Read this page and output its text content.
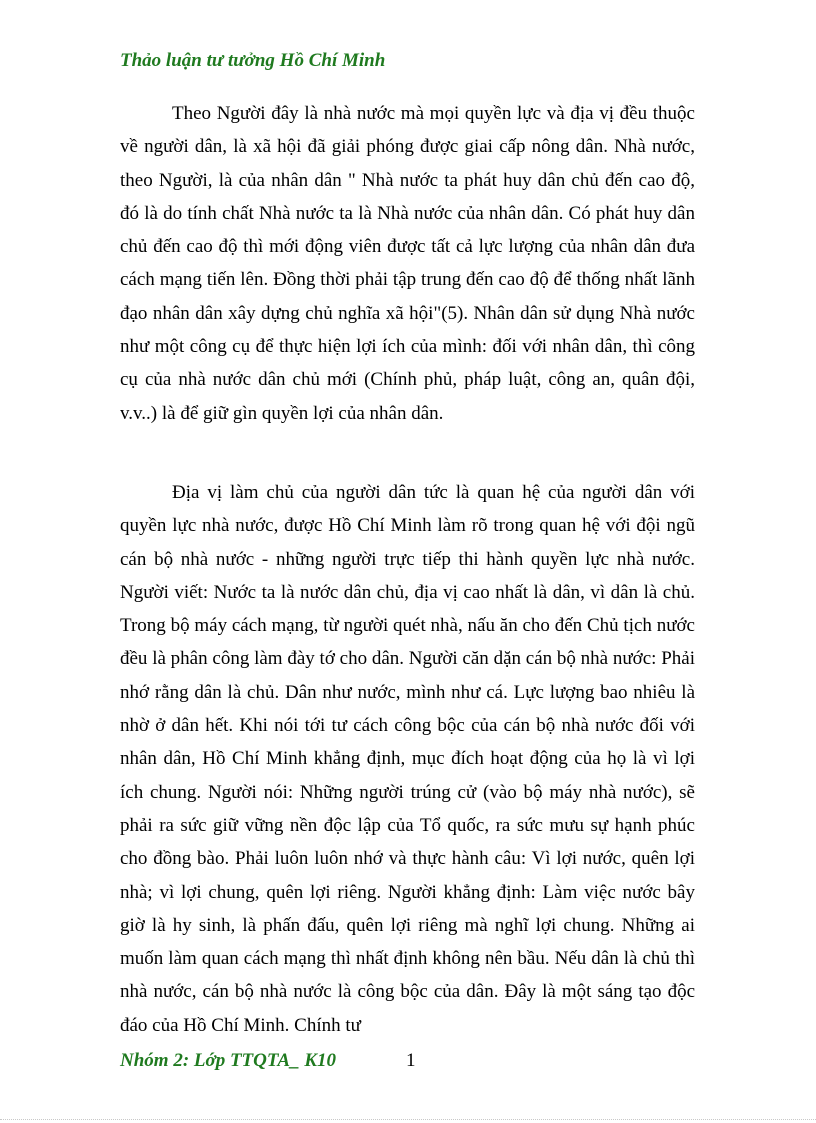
Thảo luận tư tưởng Hồ Chí Minh

Theo Người đây là nhà nước mà mọi quyền lực và địa vị đều thuộc về người dân, là xã hội đã giải phóng được giai cấp nông dân. Nhà nước, theo Người, là của nhân dân " Nhà nước ta phát huy dân chủ đến cao độ, đó là do tính chất Nhà nước ta là Nhà nước của nhân dân. Có phát huy dân chủ đến cao độ thì mới động viên được tất cả lực lượng của nhân dân đưa cách mạng tiến lên. Đồng thời phải tập trung đến cao độ để thống nhất lãnh đạo nhân dân xây dựng chủ nghĩa xã hội"(5). Nhân dân sử dụng Nhà nước như một công cụ để thực hiện lợi ích của mình: đối với nhân dân, thì công cụ của nhà nước dân chủ mới (Chính phủ, pháp luật, công an, quân đội, v.v..) là để giữ gìn quyền lợi của nhân dân.

Địa vị làm chủ của người dân tức là quan hệ của người dân với quyền lực nhà nước, được Hồ Chí Minh làm rõ trong quan hệ với đội ngũ cán bộ nhà nước - những người trực tiếp thi hành quyền lực nhà nước. Người viết: Nước ta là nước dân chủ, địa vị cao nhất là dân, vì dân là chủ. Trong bộ máy cách mạng, từ người quét nhà, nấu ăn cho đến Chủ tịch nước đều là phân công làm đày tớ cho dân. Người căn dặn cán bộ nhà nước: Phải nhớ rằng dân là chủ. Dân như nước, mình như cá. Lực lượng bao nhiêu là nhờ ở dân hết. Khi nói tới tư cách công bộc của cán bộ nhà nước đối với nhân dân, Hồ Chí Minh khẳng định, mục đích hoạt động của họ là vì lợi ích chung. Người nói: Những người trúng cử (vào bộ máy nhà nước), sẽ phải ra sức giữ vững nền độc lập của Tổ quốc, ra sức mưu sự hạnh phúc cho đồng bào. Phải luôn luôn nhớ và thực hành câu: Vì lợi nước, quên lợi nhà; vì lợi chung, quên lợi riêng. Người khẳng định: Làm việc nước bây giờ là hy sinh, là phấn đấu, quên lợi riêng mà nghĩ lợi chung. Những ai muốn làm quan cách mạng thì nhất định không nên bầu. Nếu dân là chủ thì nhà nước, cán bộ nhà nước là công bộc của dân. Đây là một sáng tạo độc đáo của Hồ Chí Minh. Chính tư

Nhóm 2: Lớp TTQTA_ K10	1
